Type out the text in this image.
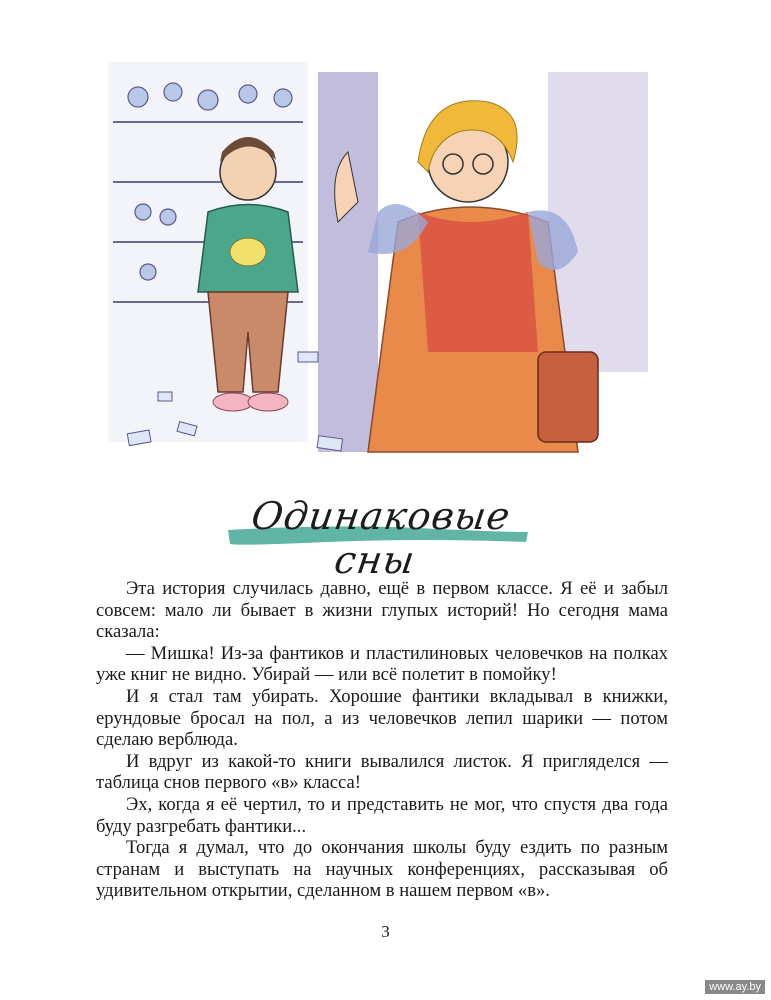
Одинаковые сны

Эта история случилась давно, ещё в первом классе. Я её и забыл совсем: мало ли бывает в жизни глупых историй! Но сегодня мама сказала:

— Мишка! Из-за фантиков и пластилиновых человечков на полках уже книг не видно. Убирай — или всё полетит в помойку!

И я стал там убирать. Хорошие фантики вкладывал в книжки, ерундовые бросал на пол, а из человечков лепил шарики — потом сделаю верблюда.

И вдруг из какой-то книги вывалился листок. Я пригляделся — таблица снов первого «в» класса!

Эх, когда я её чертил, то и представить не мог, что спустя два года буду разгребать фантики...

Тогда я думал, что до окончания школы буду ездить по разным странам и выступать на научных конференциях, рассказывая об удивительном открытии, сделанном в нашем первом «в».

3
www.ay.by
